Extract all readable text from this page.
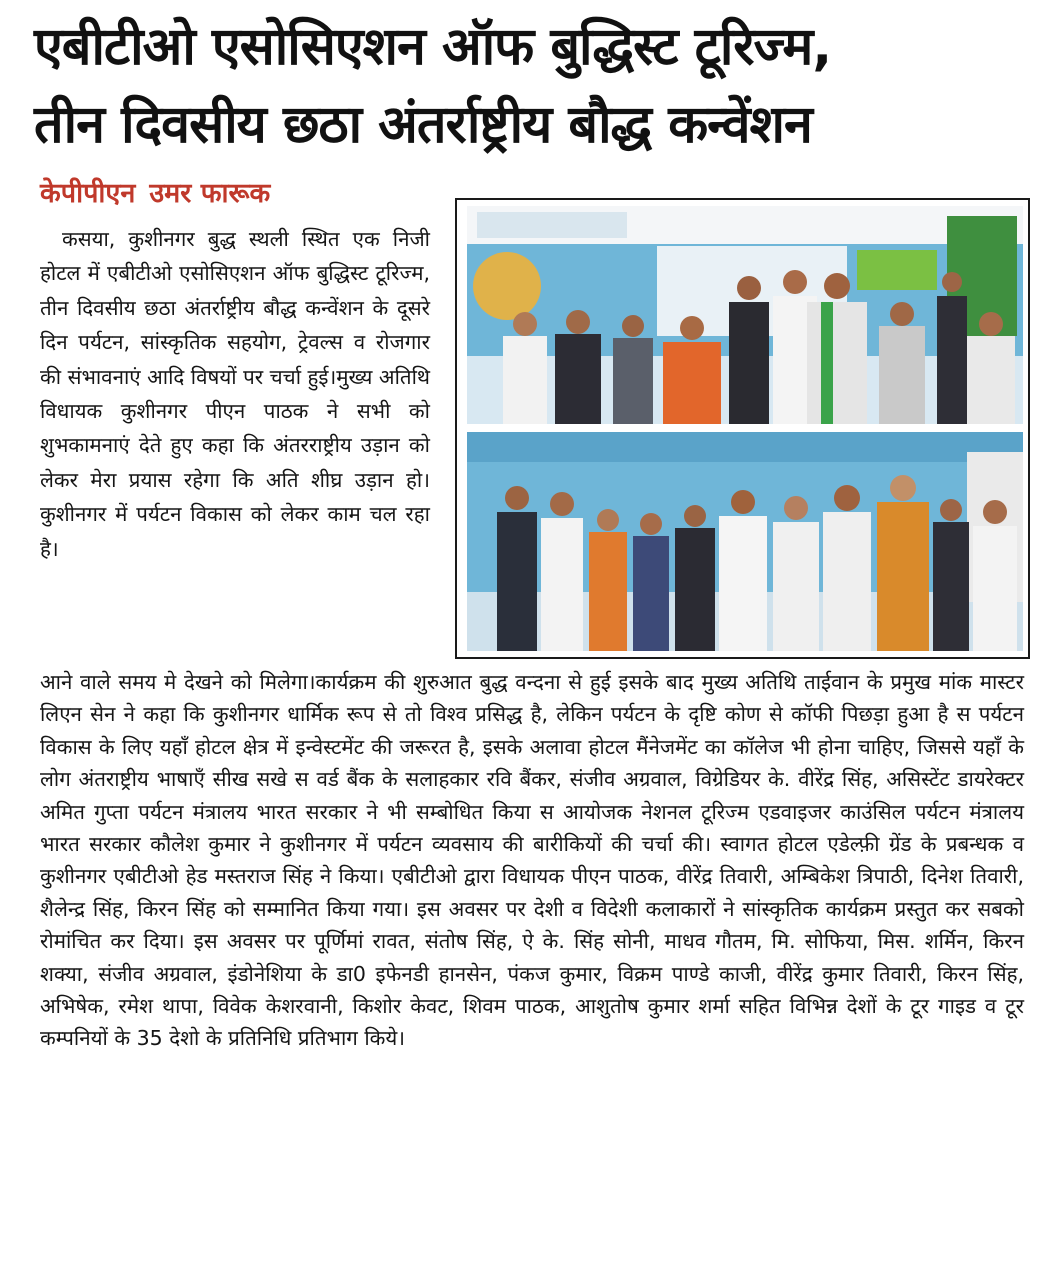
एबीटीओ एसोसिएशन ऑफ बुद्धिस्ट टूरिज्म,
तीन दिवसीय छठा अंतर्राष्ट्रीय बौद्ध कन्वेंशन
केपीपीएन उमर फारूक

कसया, कुशीनगर बुद्ध स्थली स्थित एक निजी होटल में एबीटीओ एसोसिएशन ऑफ बुद्धिस्ट टूरिज्म, तीन दिवसीय छठा अंतर्राष्ट्रीय बौद्ध कन्वेंशन के दूसरे दिन पर्यटन, सांस्कृतिक सहयोग, ट्रेवल्स व रोजगार की संभावनाएं आदि विषयों पर चर्चा हुई।मुख्य अतिथि विधायक कुशीनगर पीएन पाठक ने सभी को शुभकामनाएं देते हुए कहा कि अंतरराष्ट्रीय उड़ान को लेकर मेरा प्रयास रहेगा कि अति शीघ्र उड़ान हो। कुशीनगर में पर्यटन विकास को लेकर काम चल रहा है।

आने वाले समय मे देखने को मिलेगा।कार्यक्रम की शुरुआत बुद्ध वन्दना से हुई इसके बाद मुख्य अतिथि ताईवान के प्रमुख मांक मास्टर लिएन सेन ने कहा कि कुशीनगर धार्मिक रूप से तो विश्व प्रसिद्ध है, लेकिन पर्यटन के दृष्टि कोण से कॉफी पिछड़ा हुआ है स पर्यटन विकास के लिए यहाँ होटल क्षेत्र में इन्वेस्टमेंट की जरूरत है, इसके अलावा होटल मैंनेजमेंट का कॉलेज भी होना चाहिए, जिससे यहाँ के लोग अंतराष्ट्रीय भाषाएँ सीख सखे स वर्ड बैंक के सलाहकार रवि बैंकर, संजीव अग्रवाल, विग्रेडियर के. वीरेंद्र सिंह, असिस्टेंट डायरेक्टर अमित गुप्ता पर्यटन मंत्रालय भारत सरकार ने भी सम्बोधित किया स आयोजक नेशनल टूरिज्म एडवाइजर काउंसिल पर्यटन मंत्रालय भारत सरकार कौलेश कुमार ने कुशीनगर में पर्यटन व्यवसाय की बारीकियों की चर्चा की। स्वागत होटल एडेल्फ़ी ग्रेंड के प्रबन्धक व कुशीनगर एबीटीओ हेड मस्तराज सिंह ने किया। एबीटीओ द्वारा विधायक पीएन पाठक, वीरेंद्र तिवारी, अम्बिकेश त्रिपाठी, दिनेश तिवारी, शैलेन्द्र सिंह, किरन सिंह को सम्मानित किया गया। इस अवसर पर देशी व विदेशी कलाकारों ने सांस्कृतिक कार्यक्रम प्रस्तुत कर सबको रोमांचित कर दिया। इस अवसर पर पूर्णिमां रावत, संतोष सिंह, ऐ के. सिंह सोनी, माधव गौतम, मि. सोफिया, मिस. शर्मिन, किरन शक्या, संजीव अग्रवाल, इंडोनेशिया के डा0 इफेनडी हानसेन, पंकज कुमार, विक्रम पाण्डे काजी, वीरेंद्र कुमार तिवारी, किरन सिंह, अभिषेक, रमेश थापा, विवेक केशरवानी, किशोर केवट, शिवम पाठक, आशुतोष कुमार शर्मा सहित विभिन्न देशों के टूर गाइड व टूर कम्पनियों के 35 देशो के प्रतिनिधि प्रतिभाग किये।
